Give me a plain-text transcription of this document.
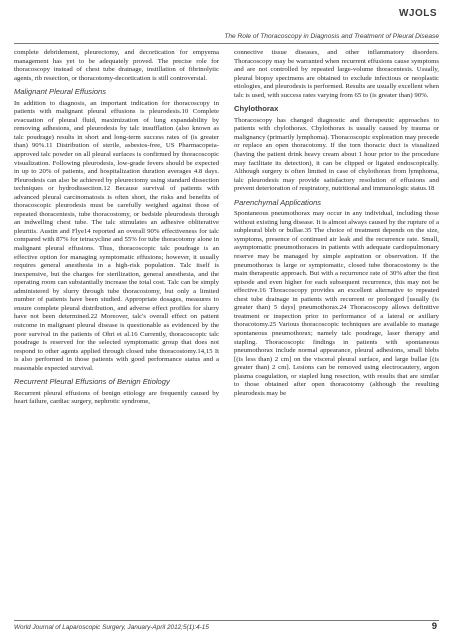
WJOLS
The Role of Thoracoscopy in Diagnosis and Treatment of Pleural Disease

complete debridement, pleurectomy, and decortication for empyema management has yet to be adequately proved. The precise role for thoracoscopy instead of chest tube drainage, instillation of fibrinolytic agents, rib resection, or thoracotomy-decortication is still controversial.

Malignant Pleural Effusions

In addition to diagnosis, an important indication for thoracoscopy in patients with malignant pleural effusions is pleurodesis.10 Complete evacuation of pleural fluid, maximization of lung expandability by removing adhesions, and pleurodesis by talc insufflation (also known as talc poudrage) results in short and long-term success rates of (is greater than) 90%.11 Distribution of sterile, asbestos-free, US Pharmacopeia-approved talc powder on all pleural surfaces is confirmed by thoracoscopic visualization. Following pleurodesis, low-grade fevers should be expected in up to 20% of patients, and hospitalization duration averages 4.8 days. Pleurodesis can also be achieved by pleurectomy using standard dissection techniques or hydrodissection.12 Because survival of patients with advanced pleural carcinomatosis is often short, the risks and benefits of thoracoscopic pleurodesis must be carefully weighed against those of repeated thoracentesis, tube thoracostomy, or bedside pleurodesis through an indwelling chest tube. The talc stimulates an adhesive obliterative pleuritis. Austin and Flye14 reported an overall 90% effectiveness for talc compared with 87% for tetracycline and 55% for tube thoracotomy alone in malignant pleural effusions. Thus, thoracoscopic talc poudrage is an effective option for managing symptomatic effusions; however, it usually requires general anesthesia in a high-risk population. Talc itself is inexpensive, but the charges for sterilization, general anesthesia, and the operating room can substantially increase the total cost. Talc can be simply administered by slurry through tube thoracostomy, but only a limited number of patients have been studied. Appropriate dosages, measures to ensure complete pleural distribution, and adverse effect profiles for slurry have not been determined.22 Moreover, talc's overall effect on patient outcome in malignant pleural disease is questionable as evidenced by the poor survival in the patients of Ohri et al.16 Currently, thoracoscopic talc poudrage is reserved for the selected symptomatic group that does not respond to other agents applied through closed tube thoracostomy.14,15 It is also performed in those patients with good performance status and a reasonable expected survival.

Recurrent Pleural Effusions of Benign Etiology

Recurrent pleural effusions of benign etiology are frequently caused by heart failure, cardiac surgery, nephrotic syndrome,

connective tissue diseases, and other inflammatory disorders. Thoracoscopy may be warranted when recurrent effusions cause symptoms and are not controlled by repeated large-volume thoracentesis. Usually, pleural biopsy specimens are obtained to exclude infectious or neoplastic etiologies, and pleurodesis is performed. Results are usually excellent when talc is used, with success rates varying from 65 to (is greater than) 90%.

Chylothorax

Thoracoscopy has changed diagnostic and therapeutic approaches to patients with chylothorax. Chylothorax is usually caused by trauma or malignancy (primarily lymphoma). Thoracoscopic exploration may precede or replace an open thoracotomy. If the torn thoracic duct is visualized (having the patient drink heavy cream about 1 hour prior to the procedure may facilitate its detection), it can be clipped or ligated endoscopically. Although surgery is often limited in case of chylothorax from lymphoma, talc pleurodesis may provide satisfactory resolution of effusions and prevent deterioration of respiratory, nutritional and immunologic status.18

Parenchymal Applications

Spontaneous pneumothorax may occur in any individual, including those without existing lung disease. It is almost always caused by the rupture of a subpleural bleb or bullae.35 The choice of treatment depends on the size, symptoms, presence of continued air leak and the recurrence rate. Small, asymptomatic pneumothoraces in patients with adequate cardiopulmonary reserve may be managed by simple aspiration or observation. If the pneumothorax is large or symptomatic, closed tube thoracostomy is the main therapeutic approach. But with a recurrence rate of 30% after the first episode and even higher for each subsequent recurrence, this may not be effective.16 Thoracoscopy provides an excellent alternative to repeated chest tube drainage in patients with recurrent or prolonged [usually (is greater than) 5 days] pneumothorax.24 Thoracoscopy allows definitive treatment or inspection prior to performance of a lateral or axillary thoracotomy.25 Various thoracoscopic techniques are available to manage spontaneous pneumothorax; namely talc poudrage, laser therapy and stapling. Thoracoscopic findings in patients with spontaneous pneumothorax include normal appearance, pleural adhesions, small blebs [(is less than) 2 cm] on the visceral pleural surface, and large bullae [(is greater than) 2 cm]. Lesions can be removed using electrocautery, argon plasma coagulation, or stapled lung resection, with results that are similar to those obtained after open thoracotomy (although the resulting pleurodesis may be

World Journal of Laparoscopic Surgery, January-April 2012;5(1):4-15	9
